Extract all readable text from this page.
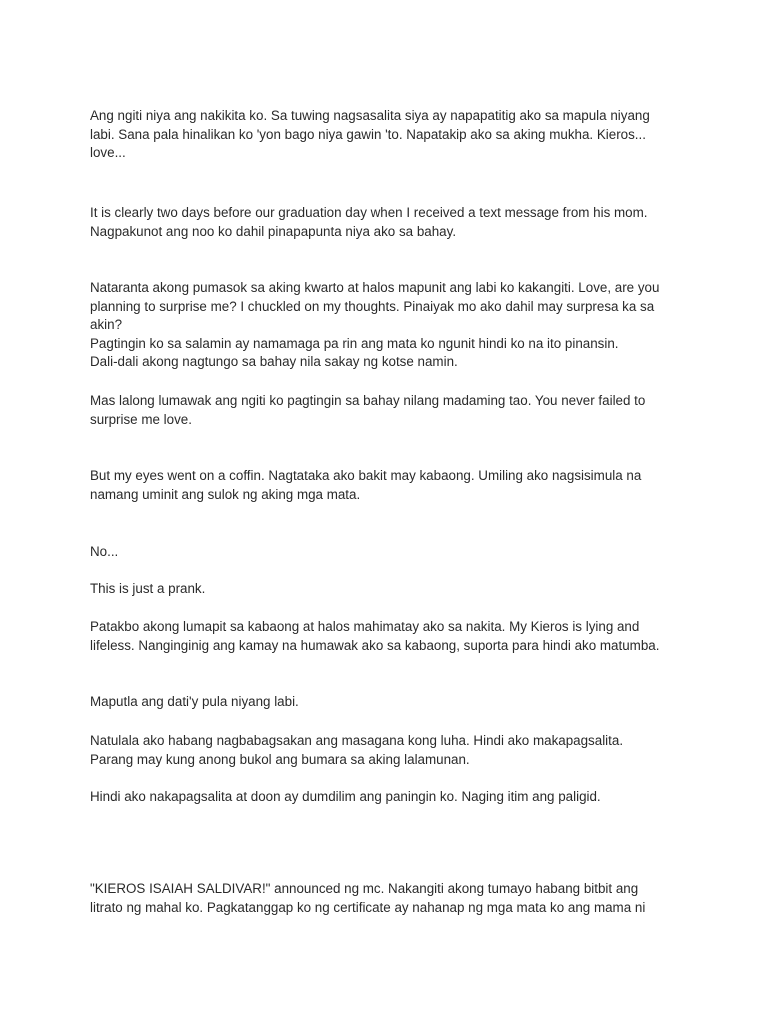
Ang ngiti niya ang nakikita ko. Sa tuwing nagsasalita siya ay napapatitig ako sa mapula niyang
labi. Sana pala hinalikan ko 'yon bago niya gawin 'to. Napatakip ako sa aking mukha. Kieros...
love...

It is clearly two days before our graduation day when I received a text message from his mom.
Nagpakunot ang noo ko dahil pinapapunta niya ako sa bahay.

Nataranta akong pumasok sa aking kwarto at halos mapunit ang labi ko kakangiti. Love, are you
planning to surprise me? I chuckled on my thoughts. Pinaiyak mo ako dahil may surpresa ka sa
akin?
Pagtingin ko sa salamin ay namamaga pa rin ang mata ko ngunit hindi ko na ito pinansin.
Dali-dali akong nagtungo sa bahay nila sakay ng kotse namin.

Mas lalong lumawak ang ngiti ko pagtingin sa bahay nilang madaming tao. You never failed to
surprise me love.

But my eyes went on a coffin. Nagtataka ako bakit may kabaong. Umiling ako nagsisimula na
namang uminit ang sulok ng aking mga mata.

No...

This is just a prank.

Patakbo akong lumapit sa kabaong at halos mahimatay ako sa nakita. My Kieros is lying and
lifeless. Nanginginig ang kamay na humawak ako sa kabaong, suporta para hindi ako matumba.

Maputla ang dati'y pula niyang labi.

Natulala ako habang nagbabagsakan ang masagana kong luha. Hindi ako makapagsalita.
Parang may kung anong bukol ang bumara sa aking lalamunan.

Hindi ako nakapagsalita at doon ay dumdilim ang paningin ko. Naging itim ang paligid.

"KIEROS ISAIAH SALDIVAR!" announced ng mc. Nakangiti akong tumayo habang bitbit ang
litrato ng mahal ko. Pagkatanggap ko ng certificate ay nahanap ng mga mata ko ang mama ni
